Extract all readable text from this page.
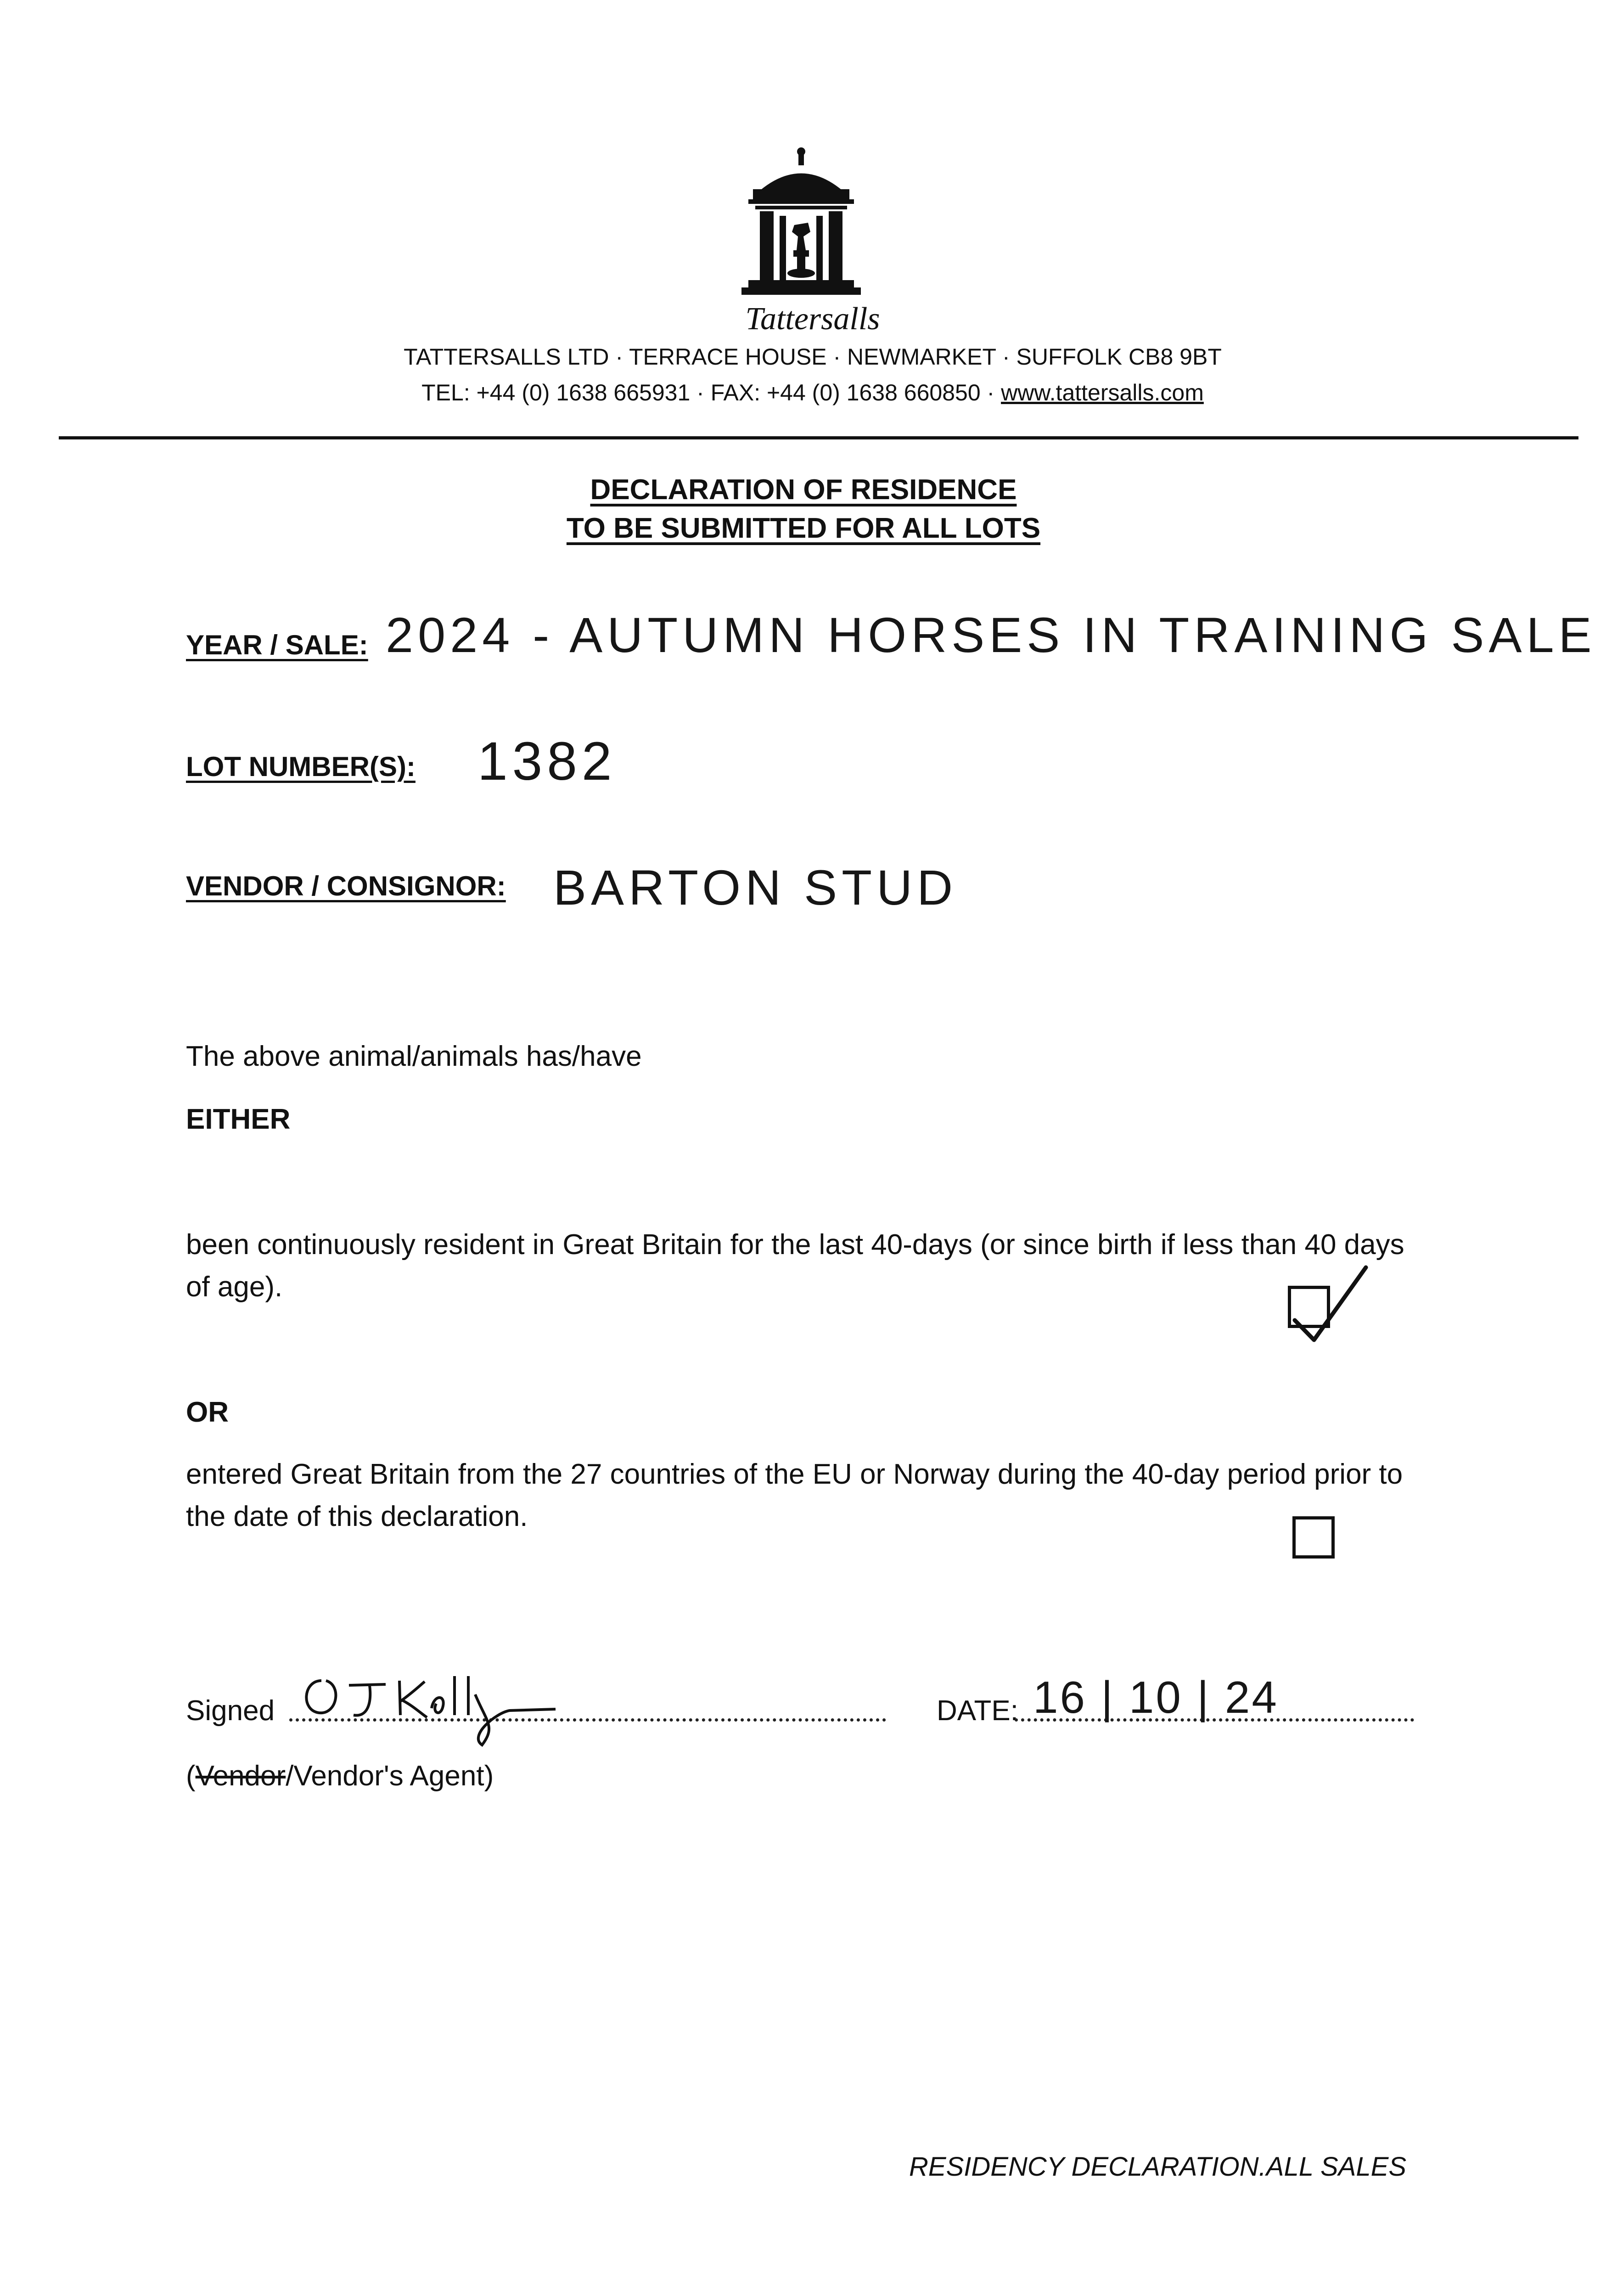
Tattersalls
TATTERSALLS LTD · TERRACE HOUSE · NEWMARKET · SUFFOLK CB8 9BT
TEL: +44 (0) 1638 665931 · FAX: +44 (0) 1638 660850 · www.tattersalls.com
DECLARATION OF RESIDENCE
TO BE SUBMITTED FOR ALL LOTS
YEAR / SALE: 2024 - AUTUMN HORSES IN TRAINING SALE
LOT NUMBER(S): 1382
VENDOR / CONSIGNOR: BARTON STUD
The above animal/animals has/have
EITHER
been continuously resident in Great Britain for the last 40-days (or since birth if less than 40 days of age).
OR
entered Great Britain from the 27 countries of the EU or Norway during the 40-day period prior to the date of this declaration.
Signed	DATE: 16 | 10 | 24
(Vendor/Vendor's Agent)
RESIDENCY DECLARATION.ALL SALES
